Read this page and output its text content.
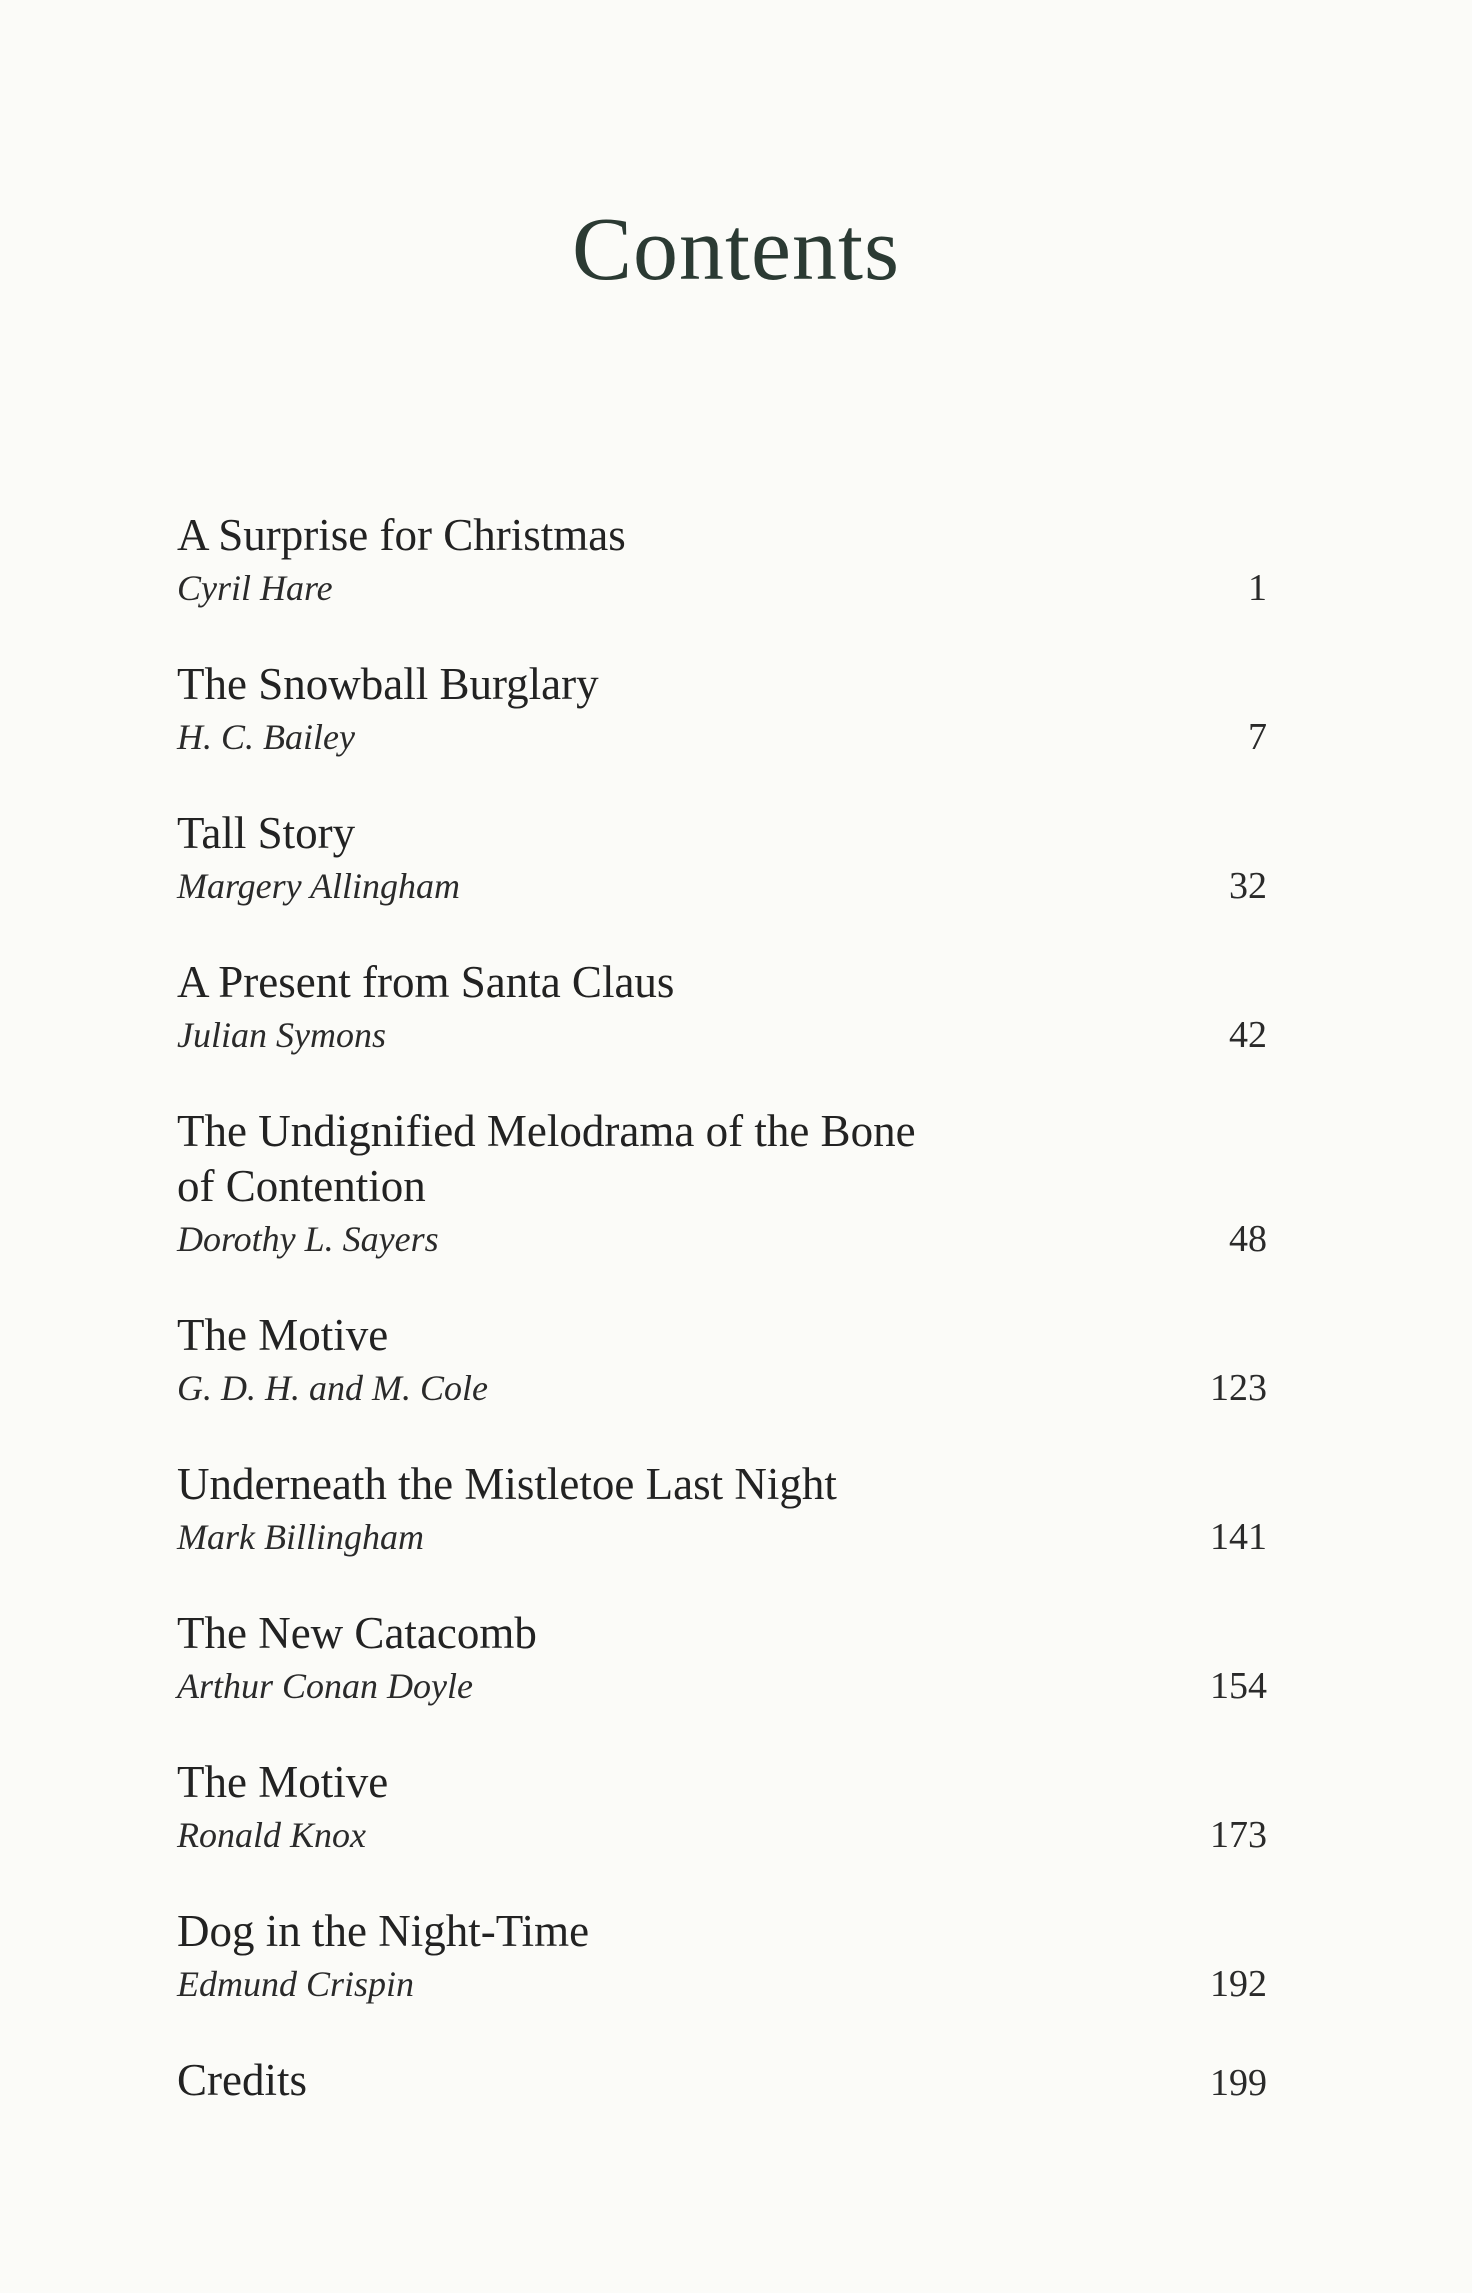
Contents
A Surprise for Christmas
Cyril Hare	1
The Snowball Burglary
H. C. Bailey	7
Tall Story
Margery Allingham	32
A Present from Santa Claus
Julian Symons	42
The Undignified Melodrama of the Bone of Contention
Dorothy L. Sayers	48
The Motive
G. D. H. and M. Cole	123
Underneath the Mistletoe Last Night
Mark Billingham	141
The New Catacomb
Arthur Conan Doyle	154
The Motive
Ronald Knox	173
Dog in the Night-Time
Edmund Crispin	192
Credits	199
